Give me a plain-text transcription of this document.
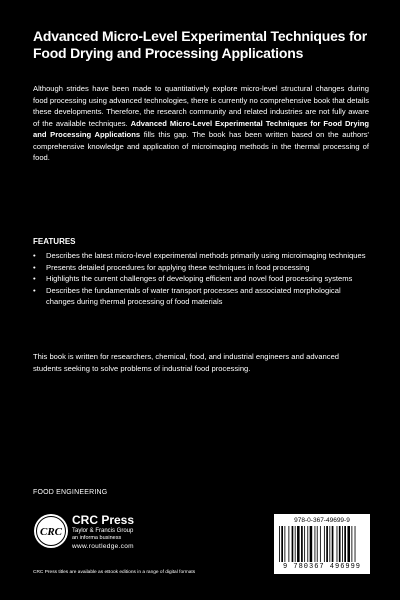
Advanced Micro-Level Experimental Techniques for Food Drying and Processing Applications
Although strides have been made to quantitatively explore micro-level structural changes during food processing using advanced technologies, there is currently no comprehensive book that details these developments. Therefore, the research community and related industries are not fully aware of the available techniques. Advanced Micro-Level Experimental Techniques for Food Drying and Processing Applications fills this gap. The book has been written based on the authors' comprehensive knowledge and application of microimaging methods in the thermal processing of food.
FEATURES
• Describes the latest micro-level experimental methods primarily using microimaging techniques
• Presents detailed procedures for applying these techniques in food processing
• Highlights the current challenges of developing efficient and novel food processing systems
• Describes the fundamentals of water transport processes and associated morphological changes during thermal processing of food materials
This book is written for researchers, chemical, food, and industrial engineers and advanced students seeking to solve problems of industrial food processing.
FOOD ENGINEERING
CRC
CRC Press
Taylor & Francis Group
an informa business
www.routledge.com
CRC Press titles are available as eBook editions in a range of digital formats
978-0-367-49699-9
9 780367 496999
